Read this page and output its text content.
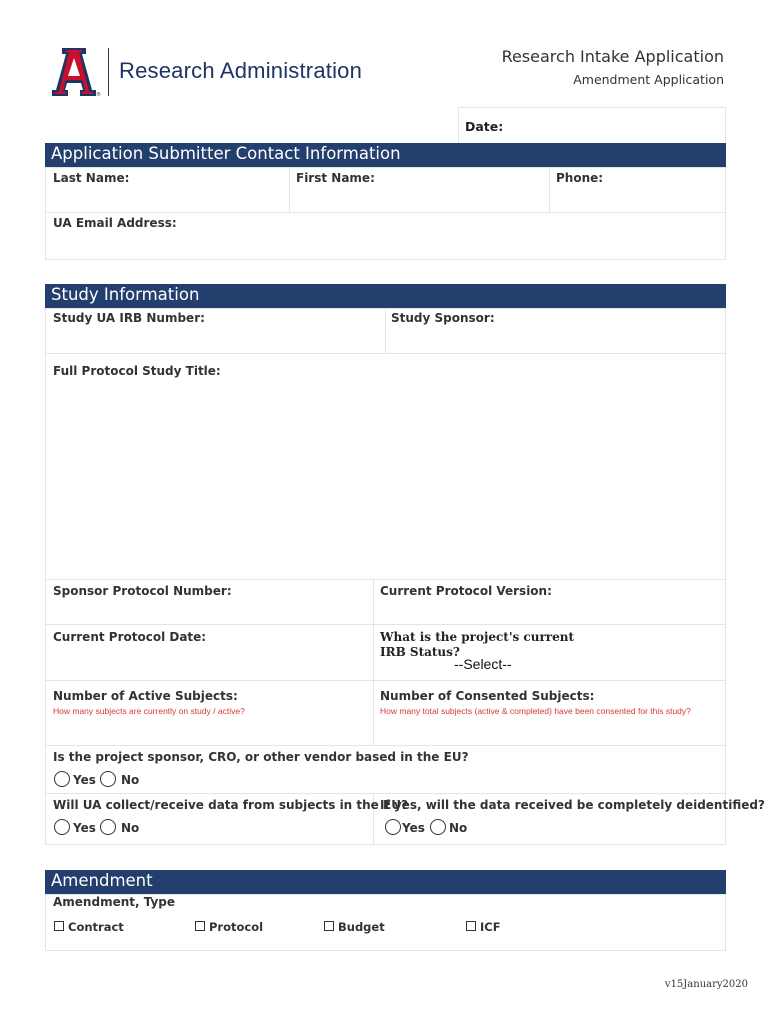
®
Research Administration
Research Intake Application
Amendment Application
Date:
Application Submitter Contact Information
Last Name:	First Name:	Phone:
UA Email Address:
Study Information
Study UA IRB Number:	Study Sponsor:
Full Protocol Study Title:
Sponsor Protocol Number:	Current Protocol Version:
Current Protocol Date:	What is the project's current
IRB Status?
--Select--
Number of Active Subjects:
How many subjects are currently on study / active?
Number of Consented Subjects:
How many total subjects (active & completed) have been consented for this study?
Is the project sponsor, CRO, or other vendor based in the EU?
Yes No
Will UA collect/receive data from subjects in the EU?
Yes No
If yes, will the data received be completely deidentified?
Yes No
Amendment
Amendment, Type
Contract	Protocol	Budget	ICF
v15January2020
